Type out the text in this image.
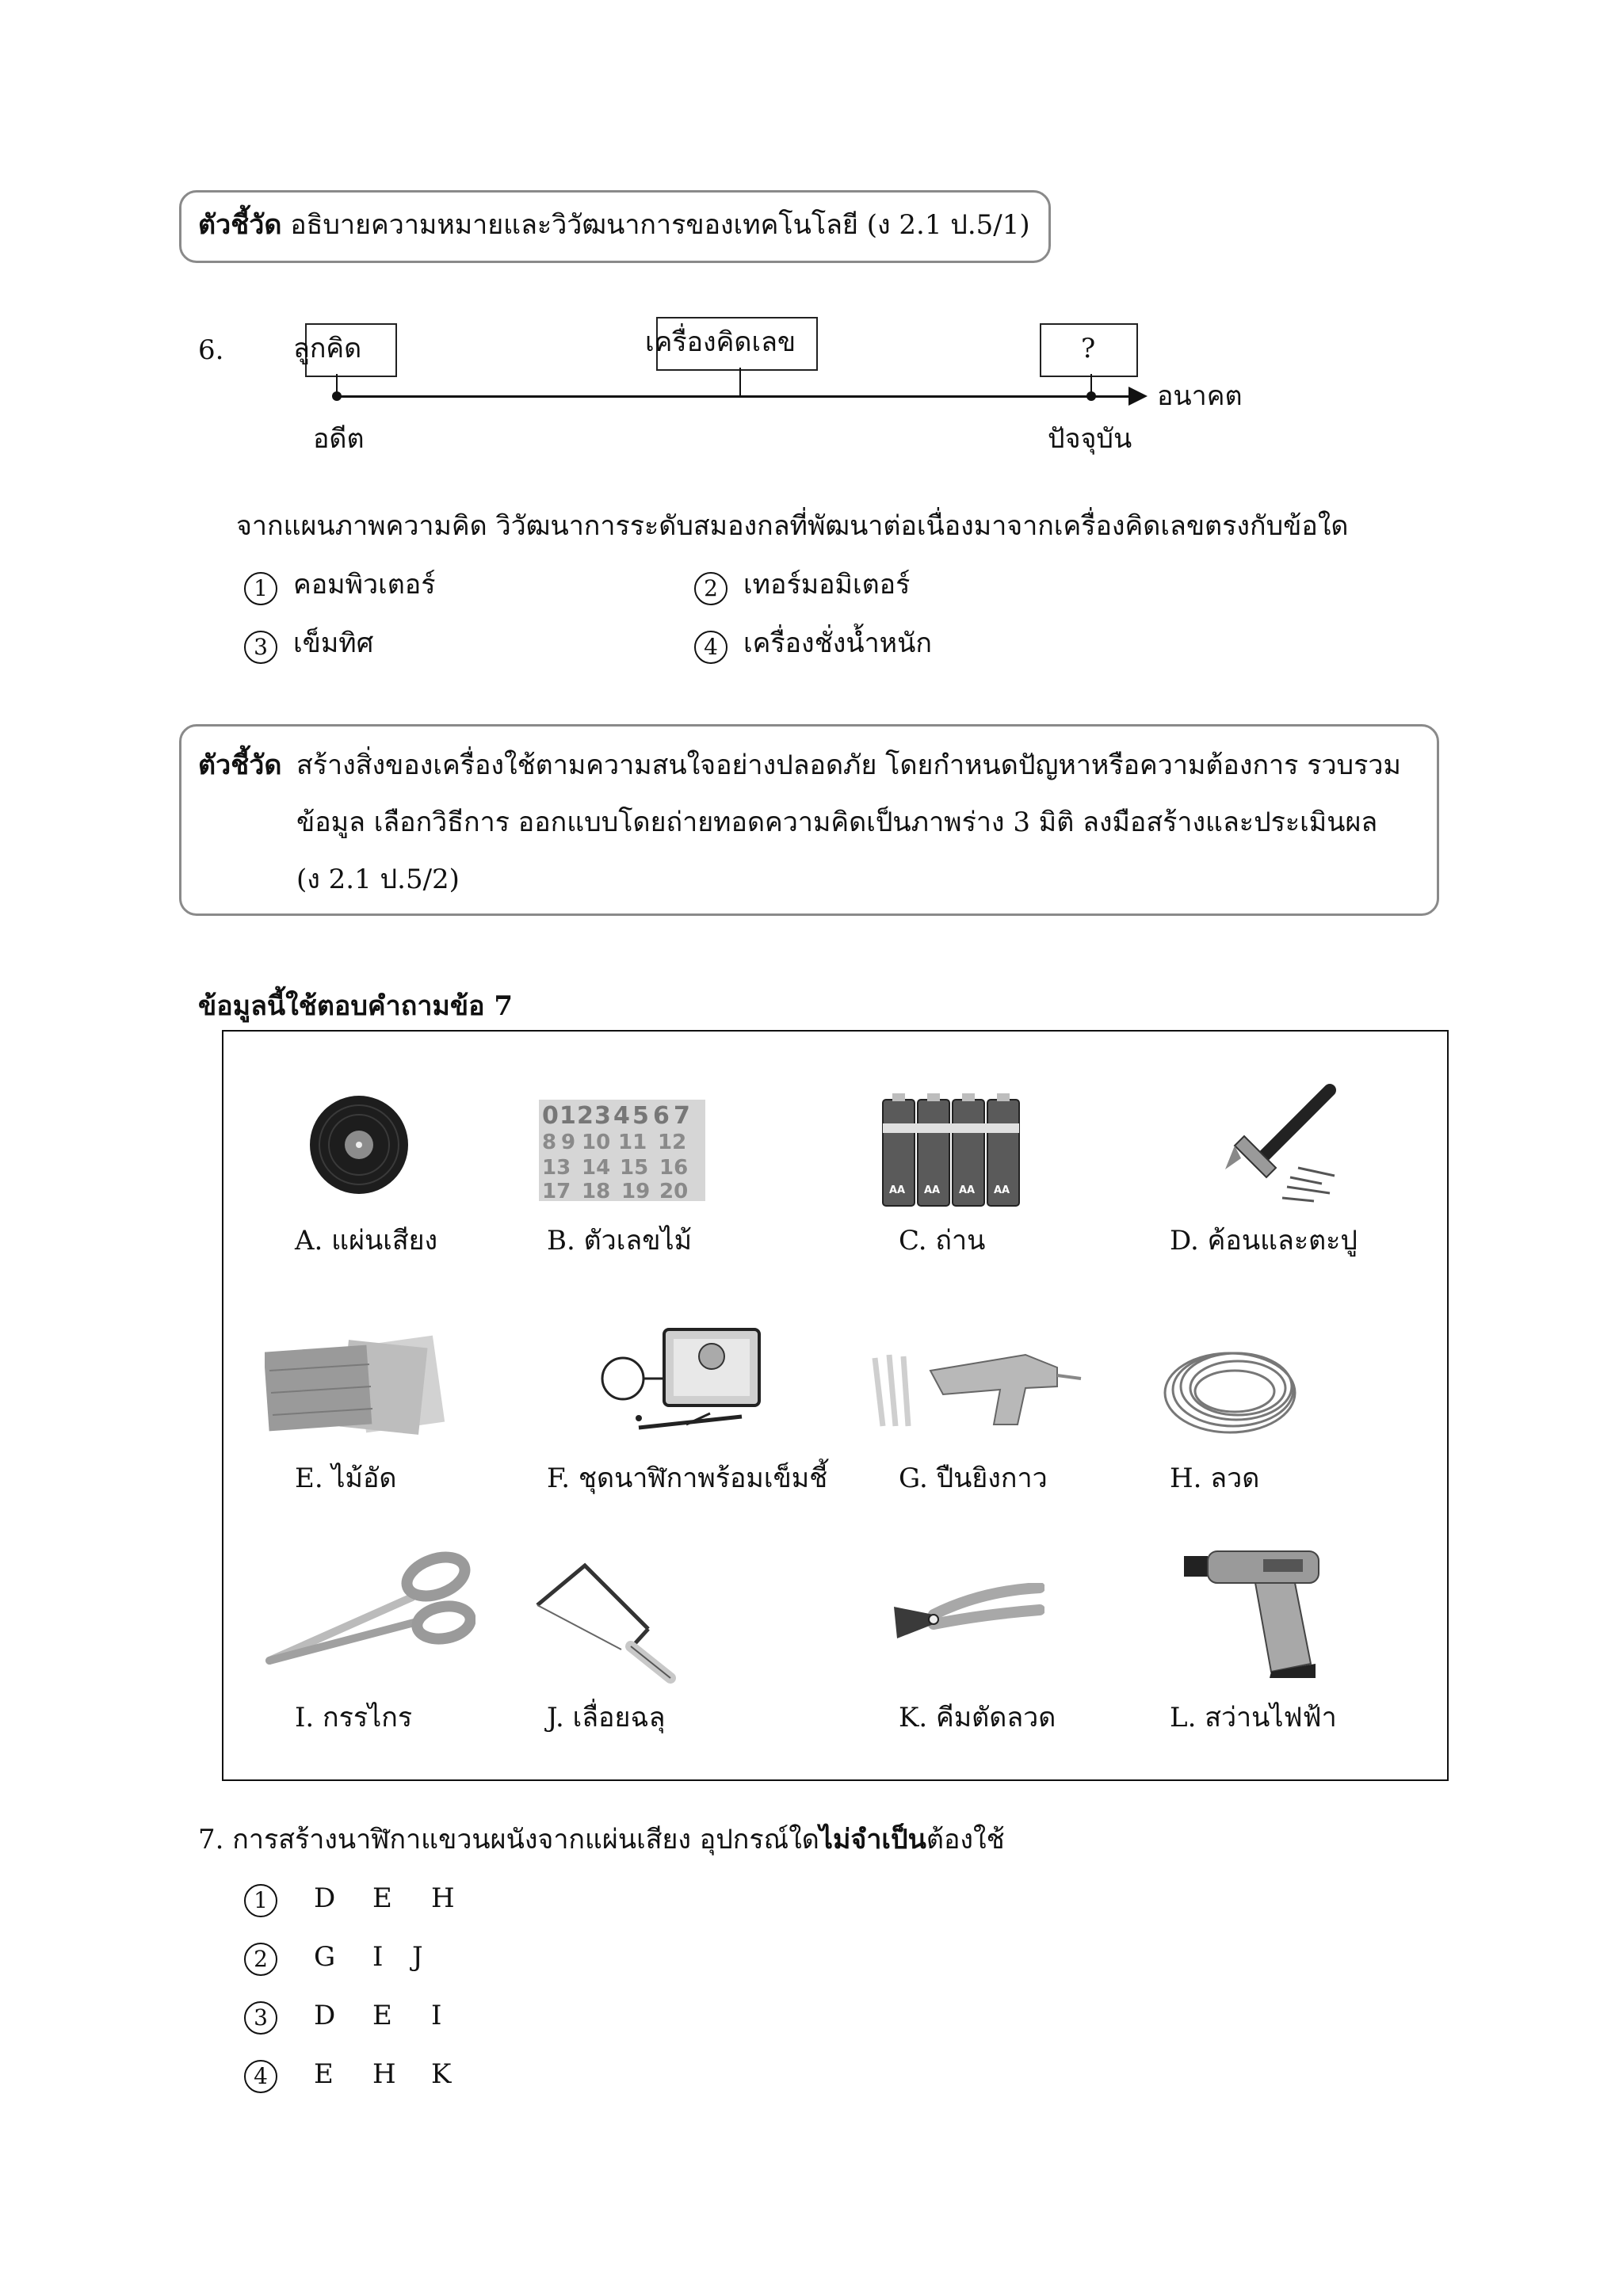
ตัวชี้วัด อธิบายความหมายและวิวัฒนาการของเทคโนโลยี (ง 2.1 ป.5/1)
6.	ลูกคิด	เครื่องคิดเลข	?
อนาคต
อดีต	ปัจจุบัน
จากแผนภาพความคิด วิวัฒนาการระดับสมองกลที่พัฒนาต่อเนื่องมาจากเครื่องคิดเลขตรงกับข้อใด
1 คอมพิวเตอร์	2 เทอร์มอมิเตอร์
3 เข็มทิศ	4 เครื่องชั่งน้ำหนัก
ตัวชี้วัด สร้างสิ่งของเครื่องใช้ตามความสนใจอย่างปลอดภัย โดยกำหนดปัญหาหรือความต้องการ รวบรวม
ข้อมูล เลือกวิธีการ ออกแบบโดยถ่ายทอดความคิดเป็นภาพร่าง 3 มิติ ลงมือสร้างและประเมินผล
(ง 2.1 ป.5/2)
ข้อมูลนี้ใช้ตอบคำถามข้อ 7
A. แผ่นเสียง
0 1 2 3 4 5 6 7
8 9 10 11 12
13 14 15 16
17 18 19 20
B. ตัวเลขไม้
AA AA AA AA
C. ถ่าน	D. ค้อนและตะปู
E. ไม้อัด	F. ชุดนาฬิกาพร้อมเข็มชี้	G. ปืนยิงกาว	H. ลวด
I. กรรไกร	J. เลื่อยฉลุ	K. คีมตัดลวด	L. สว่านไฟฟ้า
7. การสร้างนาฬิกาแขวนผนังจากแผ่นเสียง อุปกรณ์ใดไม่จำเป็นต้องใช้
1	D E H
2	G I J
3	D E I
4	E H K
